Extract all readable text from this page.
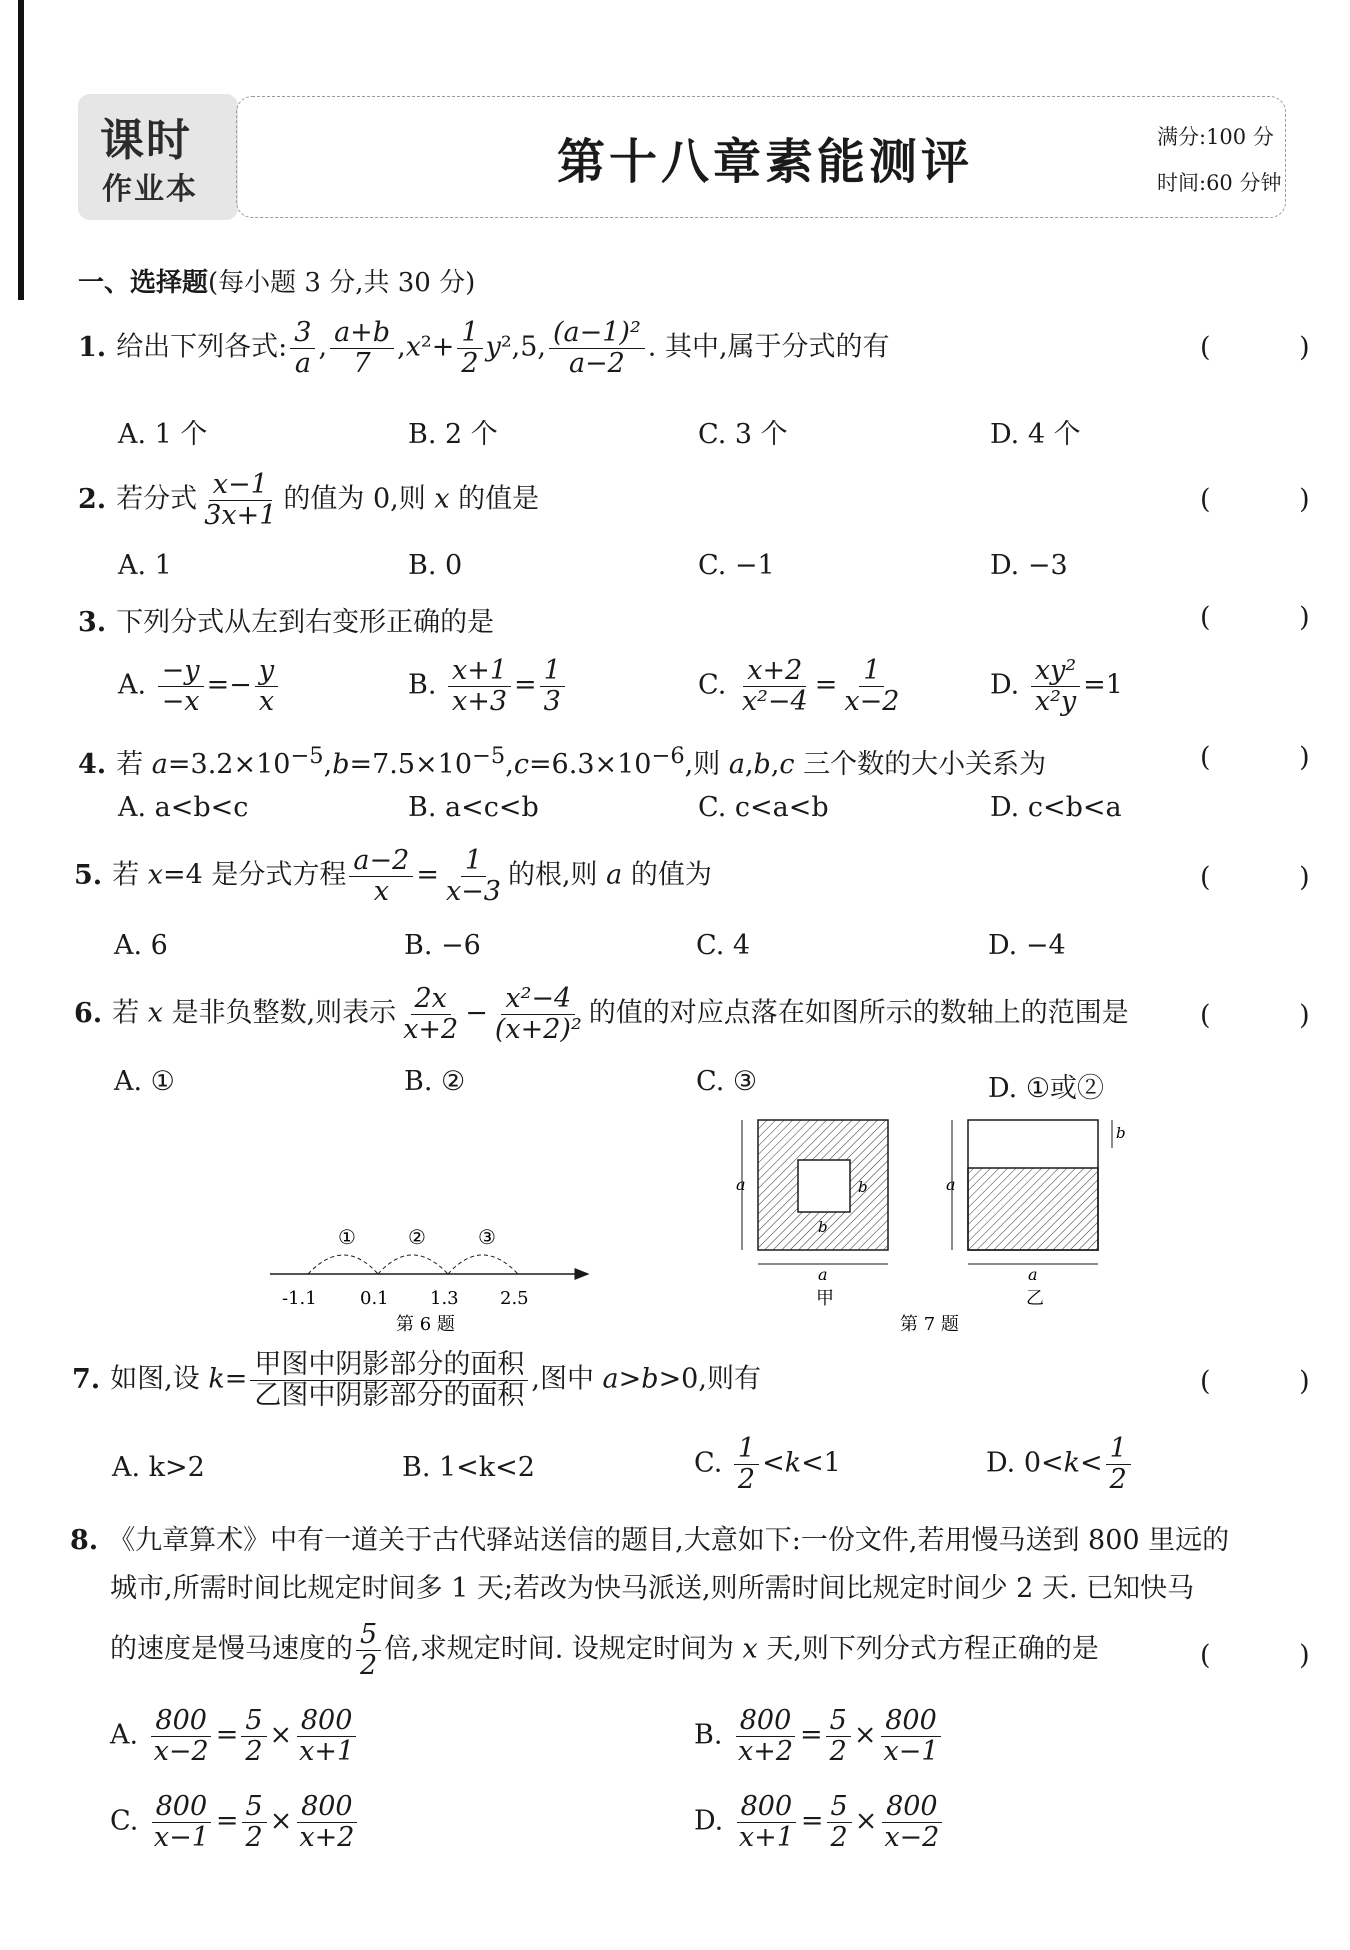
课时
作业本	第十八章素能测评	满分:100 分
时间:60 分钟
一、选择题(每小题 3 分,共 30 分)
1. 给出下列各式: $\frac{3}{a}$ , $\frac{a+b}{7} ,x^2+ \frac{1}{2} y^2,5$, $\frac{\text{(a−1)²}}{a-2}$ . 其中,属于分式的有	( )
A. 1 个	B. 2 个	C. 3 个	D. 4 个
2. 若分式 $\frac{x-1}{3x+1}$ 的值为 0,则 x 的值是	( )
A. 1	B. 0	C. −1	D. −3
3. 下列分式从左到右变形正确的是	( )
A. $\frac{-y}{-x} =- \frac{y}{x}$	B. $\frac{x+1}{x+3} = \frac{1}{3}$	C. $\frac{x+2}{\text{x²−4}} = \frac{1}{x-2}$	D. $\frac{\text{xy²}}{\text{x²y}} =1$
4. 若 $a=3.2\times 10^{-5},b=7.5\times 10^{-5},c=6.3\times 10^{-6}$,则 a,b,c 三个数的大小关系为	( )
A. a<b<c	B. a<c<b	C. c<a<b	D. c<b<a
5. 若 x=4 是分式方程 $\frac{a-2}{x} = \frac{1}{x-3}$ 的根,则 a 的值为	( )
A. 6	B. −6	C. 4	D. −4
6. 若 x 是非负整数,则表示 $\frac{2x}{x+2} - \frac{\text{x²−4}}{\text{(x+2)²}}$ 的值的对应点落在如图所示的数轴上的范围是	( )
A. ①	B. ②	C. ③	D. ①或②
①	②	③
-1.1 0.1 1.3 2.5
第 6 题
a
a
b
b
甲
a
b
a
乙
第 7 题
7. 如图,设 $k= \frac{\text{甲图中阴影部分的面积}}{\text{乙图中阴影部分的面积}}$ ,图中 a>b>0,则有	( )
A. k>2	B. 1<k<2	C. $\frac{1}{2} <k<1$	D. $0<k< \frac{1}{2}$
8. 《九章算术》中有一道关于古代驿站送信的题目,大意如下:一份文件,若用慢马送到 800 里远的
城市,所需时间比规定时间多 1 天;若改为快马派送,则所需时间比规定时间少 2 天. 已知快马
的速度是慢马速度的 $\frac{5}{2}$ 倍,求规定时间. 设规定时间为 x 天,则下列分式方程正确的是	( )
A. $\frac{800}{x-2} = \frac{5}{2} \times \frac{800}{x+1}$	B. $\frac{800}{x+2} = \frac{5}{2} \times \frac{800}{x-1}$
C. $\frac{800}{x-1} = \frac{5}{2} \times \frac{800}{x+2}$	D. $\frac{800}{x+1} = \frac{5}{2} \times \frac{800}{x-2}$
